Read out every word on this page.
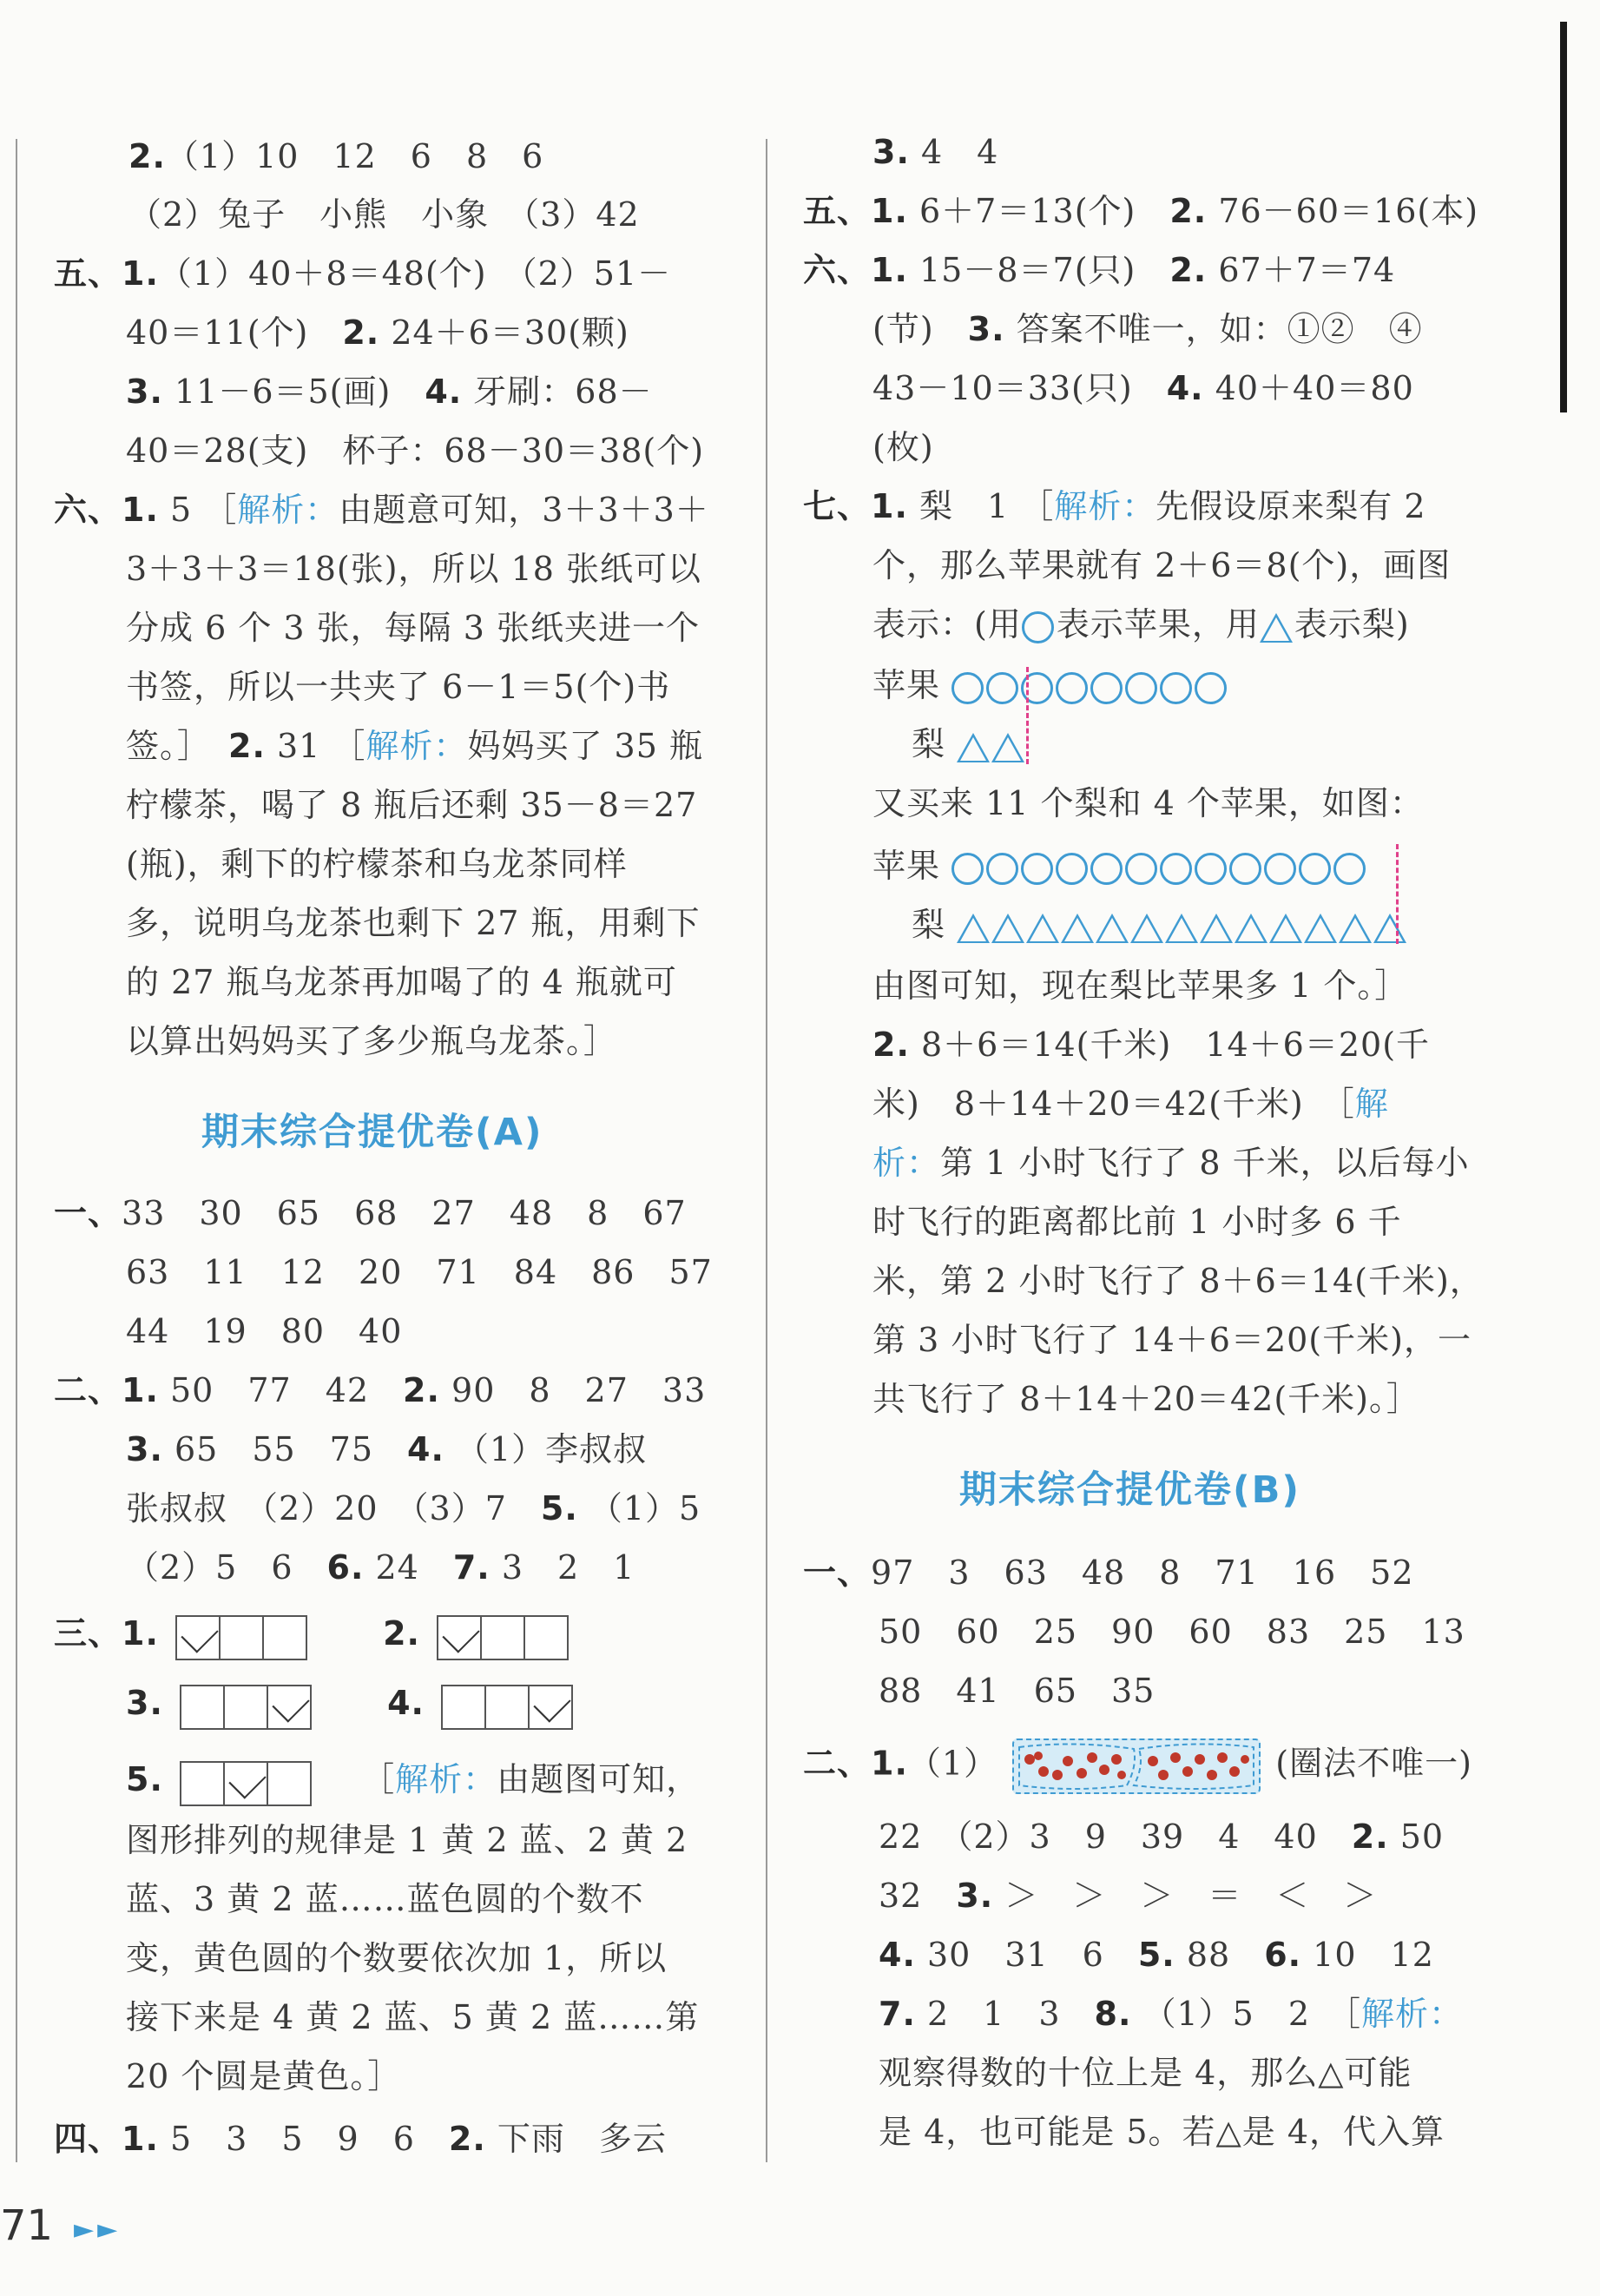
2.（1）10　12　6　8　6
（2）兔子　小熊　小象　（3）42
五、1.（1）40＋8＝48(个)　（2）51－
40＝11(个)　2. 24＋6＝30(颗)
3. 11－6＝5(画)　4. 牙刷：68－
40＝28(支)　杯子：68－30＝38(个)
六、1. 5 ［解析：由题意可知，3＋3＋3＋
3＋3＋3＝18(张)，所以 18 张纸可以
分成 6 个 3 张，每隔 3 张纸夹进一个
书签，所以一共夹了 6－1＝5(个)书
签。］　2. 31 ［解析：妈妈买了 35 瓶
柠檬茶，喝了 8 瓶后还剩 35－8＝27
(瓶)，剩下的柠檬茶和乌龙茶同样
多，说明乌龙茶也剩下 27 瓶，用剩下
的 27 瓶乌龙茶再加喝了的 4 瓶就可
以算出妈妈买了多少瓶乌龙茶。］
期末综合提优卷(A)
一、33　30　65　68　27　48　8　67
63　11　12　20　71　84　86　57
44　19　80　40
二、1. 50　77　42　2. 90　8　27　33
3. 65　55　75　4. （1）李叔叔
张叔叔　（2）20　（3）7　5. （1）5
（2）5　6　6. 24　7. 3　2　1
三、1.	2.
3.	4.
5.	［解析：由题图可知，
图形排列的规律是 1 黄 2 蓝、2 黄 2
蓝、3 黄 2 蓝……蓝色圆的个数不
变，黄色圆的个数要依次加 1，所以
接下来是 4 黄 2 蓝、5 黄 2 蓝……第
20 个圆是黄色。］
四、1. 5　3　5　9　6　2. 下雨　多云
3. 4　4
五、1. 6＋7＝13(个)　2. 76－60＝16(本)
六、1. 15－8＝7(只)　2. 67＋7＝74
(节)　3. 答案不唯一，如：①②　④
43－10＝33(只)　4. 40＋40＝80
(枚)
七、1. 梨　1 ［解析：先假设原来梨有 2
个，那么苹果就有 2＋6＝8(个)，画图
表示：(用 表示苹果，用 表示梨)
苹果
梨
又买来 11 个梨和 4 个苹果，如图：
苹果
梨
由图可知，现在梨比苹果多 1 个。］
2. 8＋6＝14(千米)　14＋6＝20(千
米)　8＋14＋20＝42(千米)　［解
析：第 1 小时飞行了 8 千米，以后每小
时飞行的距离都比前 1 小时多 6 千
米，第 2 小时飞行了 8＋6＝14(千米)，
第 3 小时飞行了 14＋6＝20(千米)，一
共飞行了 8＋14＋20＝42(千米)。］
期末综合提优卷(B)
一、97　3　63　48　8　71　16　52
50　60　25　90　60　83　25　13
88　41　65　35
二、1.（1）	(圈法不唯一)
22　（2）3　9　39　4　40　2. 50
32　3. ＞　＞　＞　＝　＜　＞
4. 30　31　6　5. 88　6. 10　12
7. 2　1　3　8. （1）5　2　［解析：
观察得数的十位上是 4，那么△可能
是 4，也可能是 5。若△是 4，代入算
71 ►►
